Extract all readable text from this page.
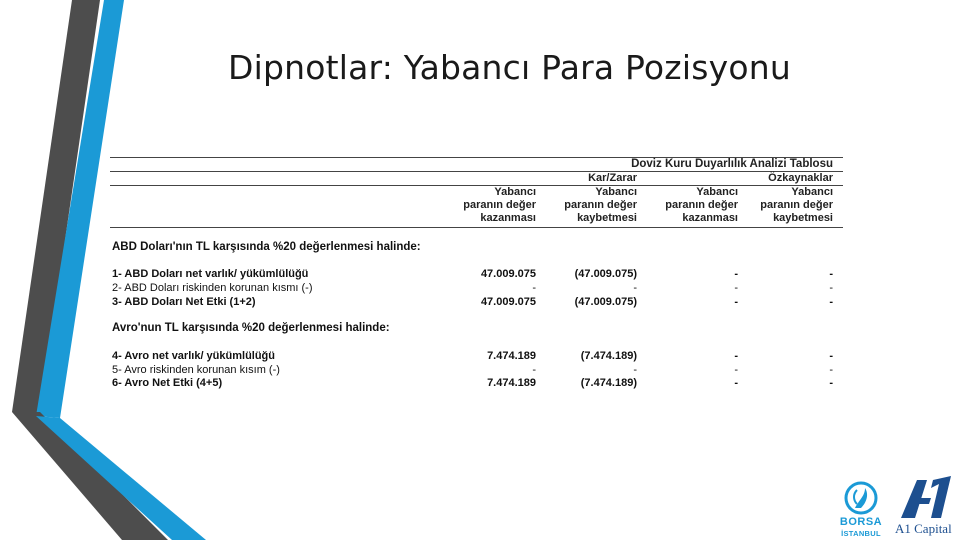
Dipnotlar: Yabancı Para Pozisyonu
Doviz Kuru Duyarlılık Analizi Tablosu
Kar/Zarar	Özkaynaklar
Yabancı
paranın değer
kazanması
Yabancı
paranın değer
kaybetmesi
Yabancı
paranın değer
kazanması
Yabancı
paranın değer
kaybetmesi
ABD Doları'nın TL karşısında %20 değerlenmesi halinde:
1- ABD Doları net varlık/ yükümlülüğü	47.009.075	(47.009.075)	-	-
2- ABD Doları riskinden korunan kısmı (-)	-	-	-	-
3- ABD Doları Net Etki (1+2)	47.009.075	(47.009.075)	-	-
Avro'nun TL karşısında %20 değerlenmesi halinde:
4- Avro net varlık/ yükümlülüğü	7.474.189	(7.474.189)	-	-
5- Avro riskinden korunan kısım (-)	-	-	-	-
6- Avro Net Etki (4+5)	7.474.189	(7.474.189)	-	-
BORSA
İSTANBUL	A1 Capital
